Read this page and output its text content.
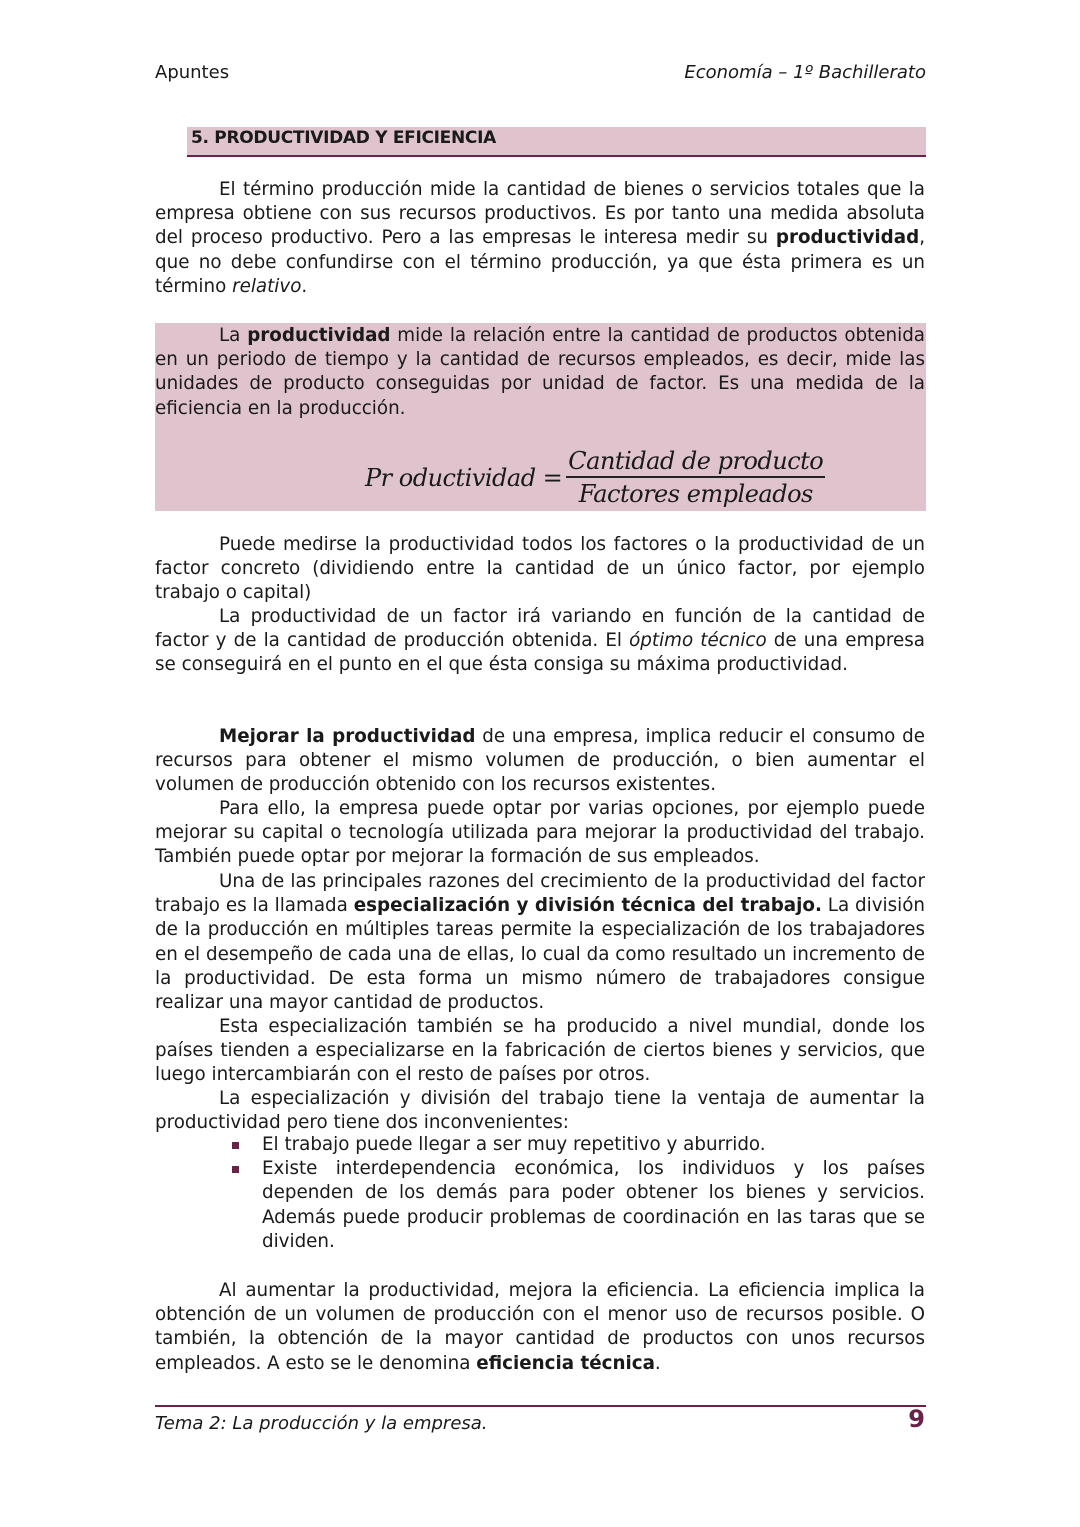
Apuntes	Economía – 1º Bachillerato
5. PRODUCTIVIDAD Y EFICIENCIA

El término producción mide la cantidad de bienes o servicios totales que la empresa obtiene con sus recursos productivos. Es por tanto una medida absoluta del proceso productivo. Pero a las empresas le interesa medir su productividad, que no debe confundirse con el término producción, ya que ésta primera es un término relativo.

La productividad mide la relación entre la cantidad de productos obtenida en un periodo de tiempo y la cantidad de recursos empleados, es decir, mide las unidades de producto conseguidas por unidad de factor. Es una medida de la eficiencia en la producción.

Pr oductividad = $\frac{\text{Cantidad de producto}}{\text{Factores empleados}}$

Puede medirse la productividad todos los factores o la productividad de un factor concreto (dividiendo entre la cantidad de un único factor, por ejemplo trabajo o capital)

La productividad de un factor irá variando en función de la cantidad de factor y de la cantidad de producción obtenida. El óptimo técnico de una empresa se conseguirá en el punto en el que ésta consiga su máxima productividad.

Mejorar la productividad de una empresa, implica reducir el consumo de recursos para obtener el mismo volumen de producción, o bien aumentar el volumen de producción obtenido con los recursos existentes.

Para ello, la empresa puede optar por varias opciones, por ejemplo puede mejorar su capital o tecnología utilizada para mejorar la productividad del trabajo. También puede optar por mejorar la formación de sus empleados.

Una de las principales razones del crecimiento de la productividad del factor trabajo es la llamada especialización y división técnica del trabajo. La división de la producción en múltiples tareas permite la especialización de los trabajadores en el desempeño de cada una de ellas, lo cual da como resultado un incremento de la productividad. De esta forma un mismo número de trabajadores consigue realizar una mayor cantidad de productos.

Esta especialización también se ha producido a nivel mundial, donde los países tienden a especializarse en la fabricación de ciertos bienes y servicios, que luego intercambiarán con el resto de países por otros.

La especialización y división del trabajo tiene la ventaja de aumentar la productividad pero tiene dos inconvenientes:

El trabajo puede llegar a ser muy repetitivo y aburrido.
Existe interdependencia económica, los individuos y los países dependen de los demás para poder obtener los bienes y servicios. Además puede producir problemas de coordinación en las taras que se dividen.

Al aumentar la productividad, mejora la eficiencia. La eficiencia implica la obtención de un volumen de producción con el menor uso de recursos posible. O también, la obtención de la mayor cantidad de productos con unos recursos empleados. A esto se le denomina eficiencia técnica.

Tema 2: La producción y la empresa.	9
